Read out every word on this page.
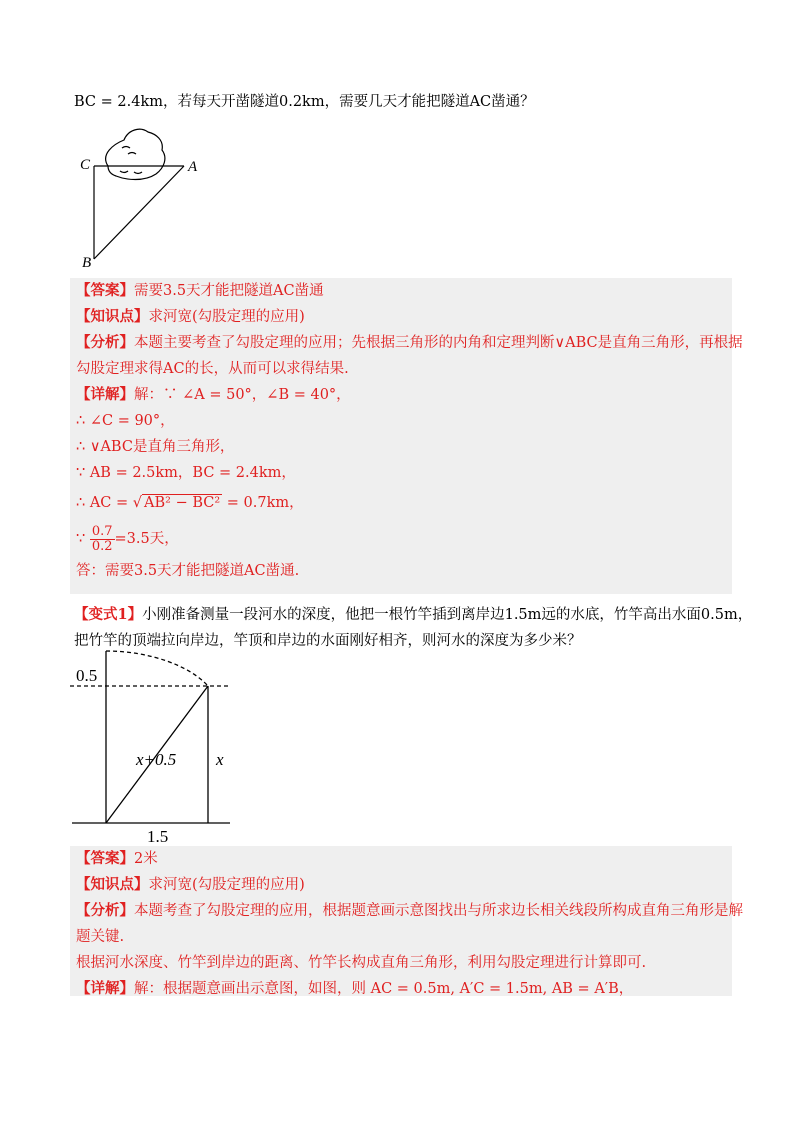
BC = 2.4km，若每天开凿隧道0.2km，需要几天才能把隧道AC凿通？
C	A
B
【答案】需要3.5天才能把隧道AC凿通
【知识点】求河宽(勾股定理的应用)
【分析】本题主要考查了勾股定理的应用；先根据三角形的内角和定理判断∨ABC是直角三角形，再根据
勾股定理求得AC的长，从而可以求得结果.
【详解】解：∵ ∠A = 50°，∠B = 40°，
∴ ∠C = 90°，
∴ ∨ABC是直角三角形，
∵ AB = 2.5km，BC = 2.4km，
∴ AC = √ AB² − BC² = 0.7km，
∵ $\frac{0.7}{0.2} =3.5$天，
答：需要3.5天才能把隧道AC凿通.
【变式1】小刚准备测量一段河水的深度，他把一根竹竿插到离岸边1.5m远的水底，竹竿高出水面0.5m，
把竹竿的顶端拉向岸边，竿顶和岸边的水面刚好相齐，则河水的深度为多少米？
0.5
x+0.5 x
1.5
【答案】2米
【知识点】求河宽(勾股定理的应用)
【分析】本题考查了勾股定理的应用，根据题意画示意图找出与所求边长相关线段所构成直角三角形是解
题关键.
根据河水深度、竹竿到岸边的距离、竹竿长构成直角三角形，利用勾股定理进行计算即可.
【详解】解：根据题意画出示意图，如图，则 AC = 0.5m, A′C = 1.5m, AB = A′B，
